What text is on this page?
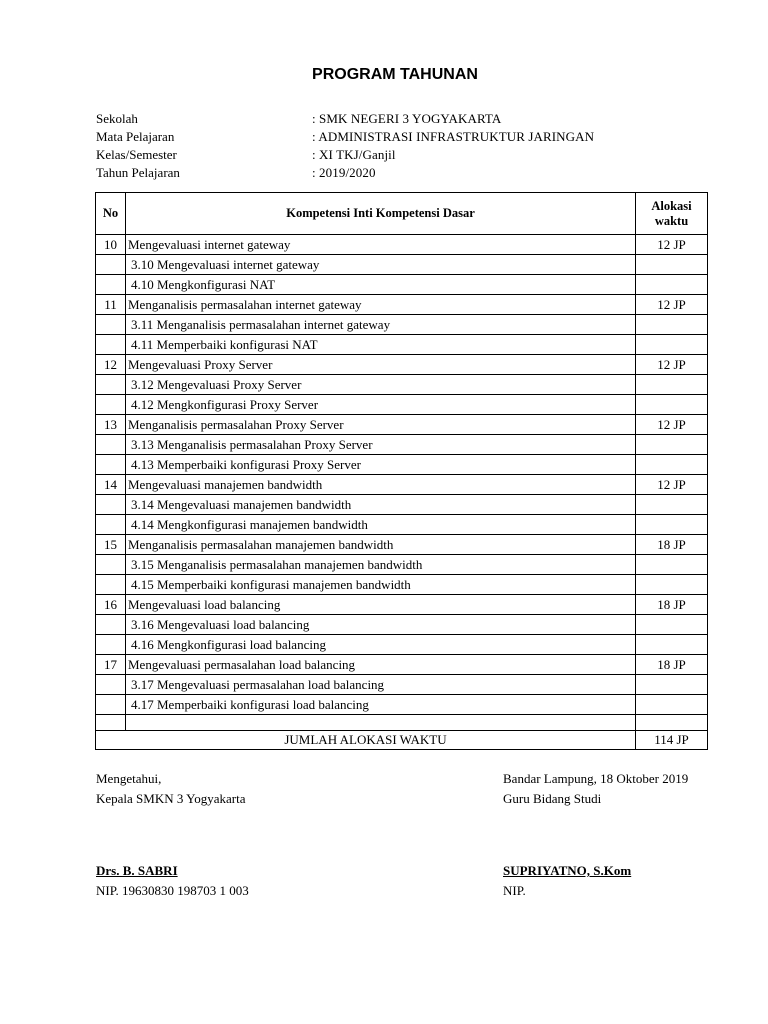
PROGRAM TAHUNAN
Sekolah	: SMK NEGERI 3 YOGYAKARTA
Mata Pelajaran	: ADMINISTRASI INFRASTRUKTUR JARINGAN
Kelas/Semester	: XI TKJ/Ganjil
Tahun Pelajaran	: 2019/2020
No	Kompetensi Inti Kompetensi Dasar	Alokasi waktu
10	Mengevaluasi internet gateway	12 JP
	3.10 Mengevaluasi internet gateway	
	4.10 Mengkonfigurasi NAT	
11	Menganalisis permasalahan internet gateway	12 JP
	3.11 Menganalisis permasalahan internet gateway	
	4.11 Memperbaiki konfigurasi NAT	
12	Mengevaluasi Proxy Server	12 JP
	3.12 Mengevaluasi Proxy Server	
	4.12 Mengkonfigurasi Proxy Server	
13	Menganalisis permasalahan Proxy Server	12 JP
	3.13 Menganalisis permasalahan Proxy Server	
	4.13 Memperbaiki konfigurasi Proxy Server	
14	Mengevaluasi manajemen bandwidth	12 JP
	3.14 Mengevaluasi manajemen bandwidth	
	4.14 Mengkonfigurasi manajemen bandwidth	
15	Menganalisis permasalahan manajemen bandwidth	18 JP
	3.15 Menganalisis permasalahan manajemen bandwidth	
	4.15 Memperbaiki konfigurasi manajemen bandwidth	
16	Mengevaluasi load balancing	18 JP
	3.16 Mengevaluasi load balancing	
	4.16 Mengkonfigurasi load balancing	
17	Mengevaluasi permasalahan load balancing	18 JP
	3.17 Mengevaluasi permasalahan load balancing	
	4.17 Memperbaiki konfigurasi load balancing	

JUMLAH ALOKASI WAKTU		114 JP
Mengetahui,
Kepala SMKN 3 Yogyakarta
Drs. B. SABRI
NIP. 19630830 198703 1 003
Bandar Lampung, 18 Oktober 2019
Guru Bidang Studi
SUPRIYATNO, S.Kom
NIP.
